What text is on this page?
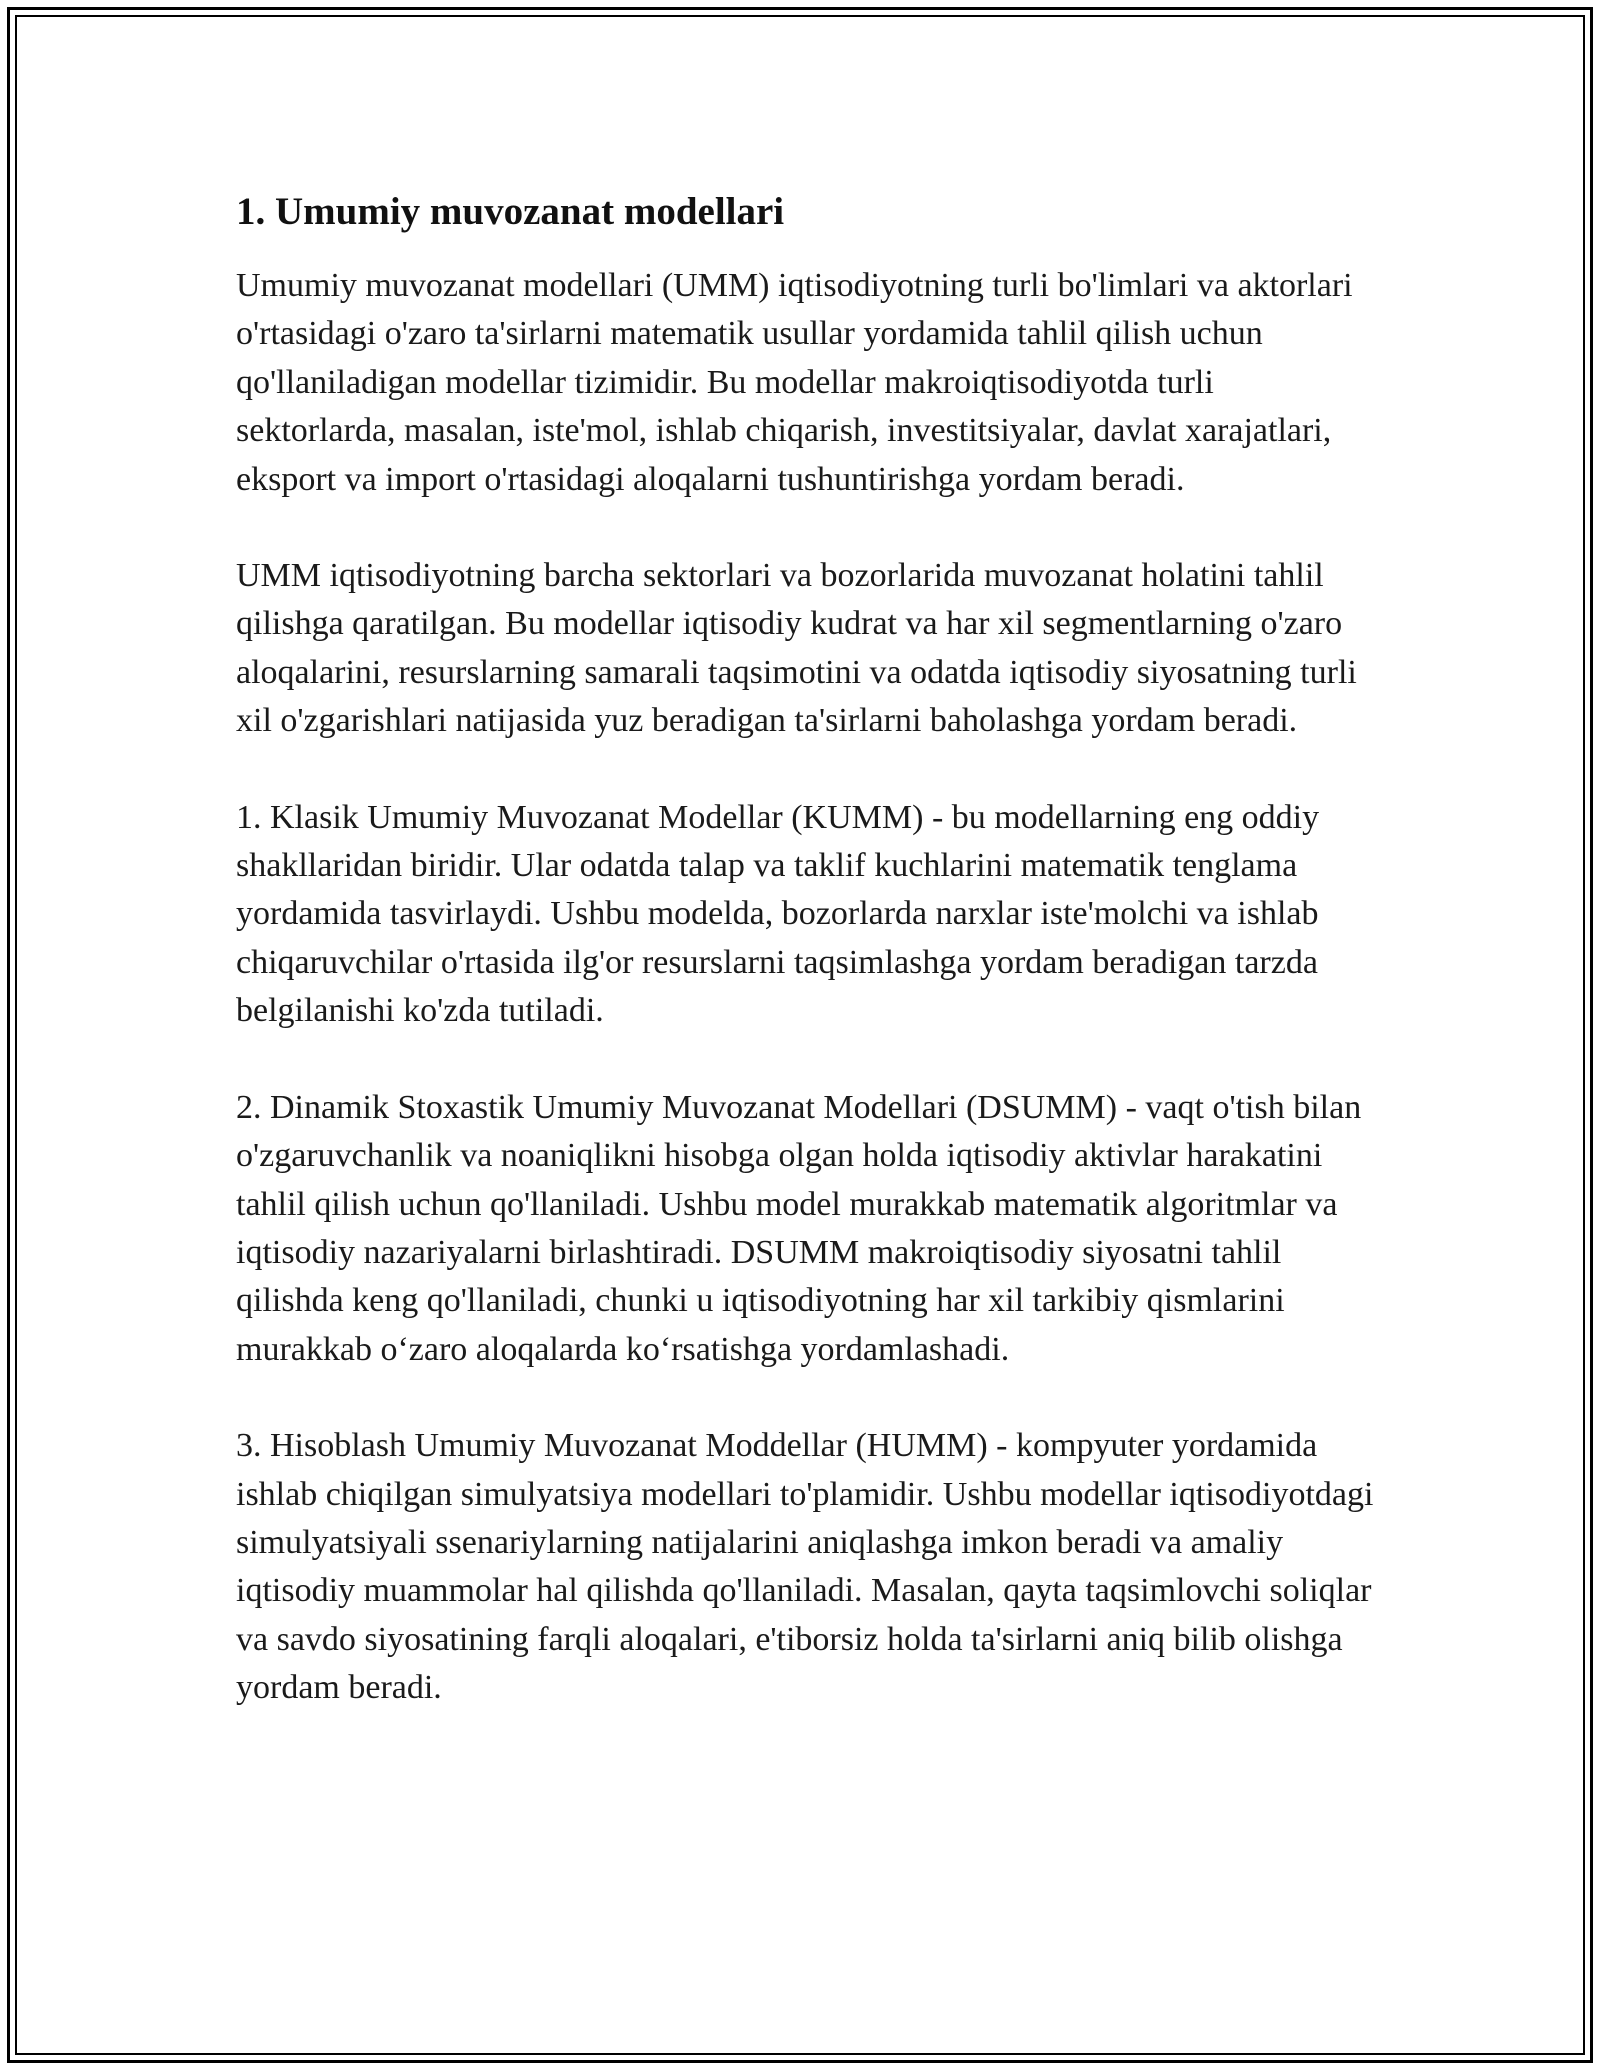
1. Umumiy muvozanat modellari

Umumiy muvozanat modellari (UMM) iqtisodiyotning turli bo'limlari va aktorlari o'rtasidagi o'zaro ta'sirlarni matematik usullar yordamida tahlil qilish uchun qo'llaniladigan modellar tizimidir. Bu modellar makroiqtisodiyotda turli sektorlarda, masalan, iste'mol, ishlab chiqarish, investitsiyalar, davlat xarajatlari, eksport va import o'rtasidagi aloqalarni tushuntirishga yordam beradi.

UMM iqtisodiyotning barcha sektorlari va bozorlarida muvozanat holatini tahlil qilishga qaratilgan. Bu modellar iqtisodiy kudrat va har xil segmentlarning o'zaro aloqalarini, resurslarning samarali taqsimotini va odatda iqtisodiy siyosatning turli xil o'zgarishlari natijasida yuz beradigan ta'sirlarni baholashga yordam beradi.

1. Klasik Umumiy Muvozanat Modellar (KUMM) - bu modellarning eng oddiy shakllaridan biridir. Ular odatda talap va taklif kuchlarini matematik tenglama yordamida tasvirlaydi. Ushbu modelda, bozorlarda narxlar iste'molchi va ishlab chiqaruvchilar o'rtasida ilg'or resurslarni taqsimlashga yordam beradigan tarzda belgilanishi ko'zda tutiladi.

2. Dinamik Stoxastik Umumiy Muvozanat Modellari (DSUMM) - vaqt o'tish bilan o'zgaruvchanlik va noaniqlikni hisobga olgan holda iqtisodiy aktivlar harakatini tahlil qilish uchun qo'llaniladi. Ushbu model murakkab matematik algoritmlar va iqtisodiy nazariyalarni birlashtiradi. DSUMM makroiqtisodiy siyosatni tahlil qilishda keng qo'llaniladi, chunki u iqtisodiyotning har xil tarkibiy qismlarini murakkab o‘zaro aloqalarda ko‘rsatishga yordamlashadi.

3. Hisoblash Umumiy Muvozanat Moddellar (HUMM) - kompyuter yordamida ishlab chiqilgan simulyatsiya modellari to'plamidir. Ushbu modellar iqtisodiyotdagi simulyatsiyali ssenariylarning natijalarini aniqlashga imkon beradi va amaliy iqtisodiy muammolar hal qilishda qo'llaniladi. Masalan, qayta taqsimlovchi soliqlar va savdo siyosatining farqli aloqalari, e'tiborsiz holda ta'sirlarni aniq bilib olishga yordam beradi.
